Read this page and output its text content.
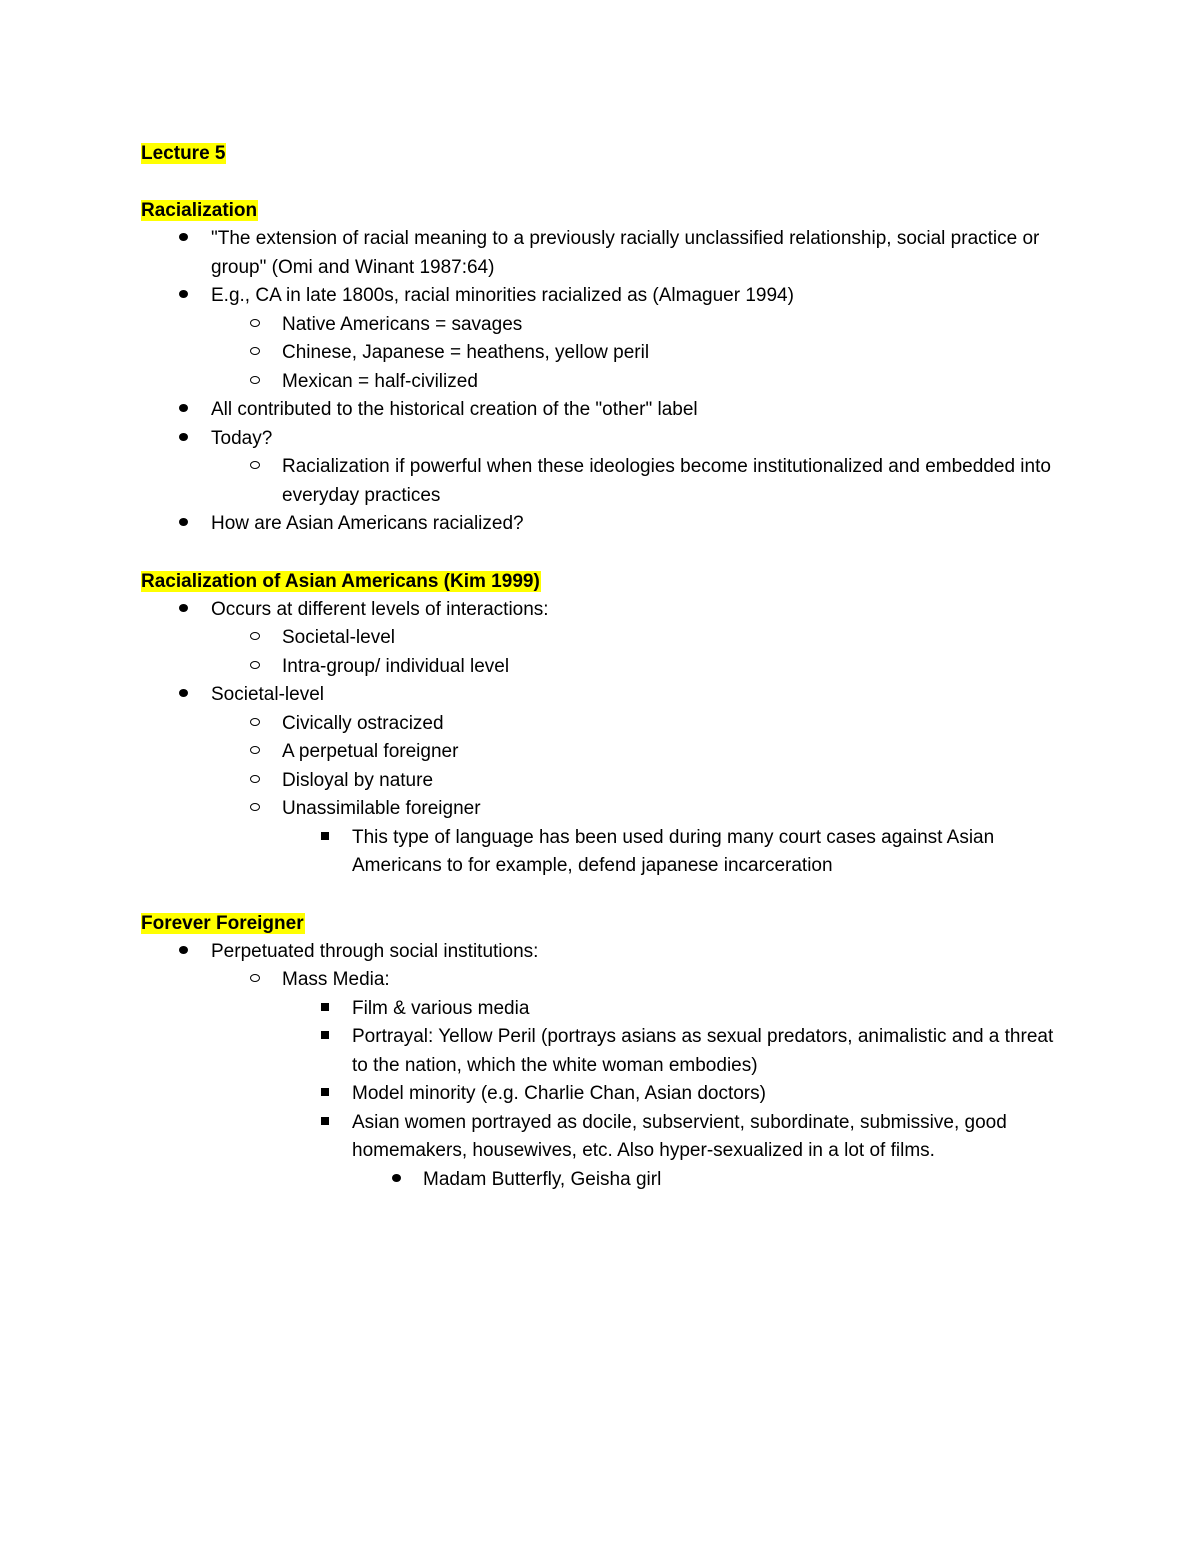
Lecture 5
Racialization
"The extension of racial meaning to a previously racially unclassified relationship, social practice or group" (Omi and Winant 1987:64)
E.g., CA in late 1800s, racial minorities racialized as (Almaguer 1994)
Native Americans = savages
Chinese, Japanese = heathens, yellow peril
Mexican = half-civilized
All contributed to the historical creation of the "other" label
Today?
Racialization if powerful when these ideologies become institutionalized and embedded into everyday practices
How are Asian Americans racialized?
Racialization of Asian Americans (Kim 1999)
Occurs at different levels of interactions:
Societal-level
Intra-group/ individual level
Societal-level
Civically ostracized
A perpetual foreigner
Disloyal by nature
Unassimilable foreigner
This type of language has been used during many court cases against Asian Americans to for example, defend japanese incarceration
Forever Foreigner
Perpetuated through social institutions:
Mass Media:
Film & various media
Portrayal: Yellow Peril (portrays asians as sexual predators, animalistic and a threat to the nation, which the white woman embodies)
Model minority (e.g. Charlie Chan, Asian doctors)
Asian women portrayed as docile, subservient, subordinate, submissive, good homemakers, housewives, etc. Also hyper-sexualized in a lot of films.
Madam Butterfly, Geisha girl
